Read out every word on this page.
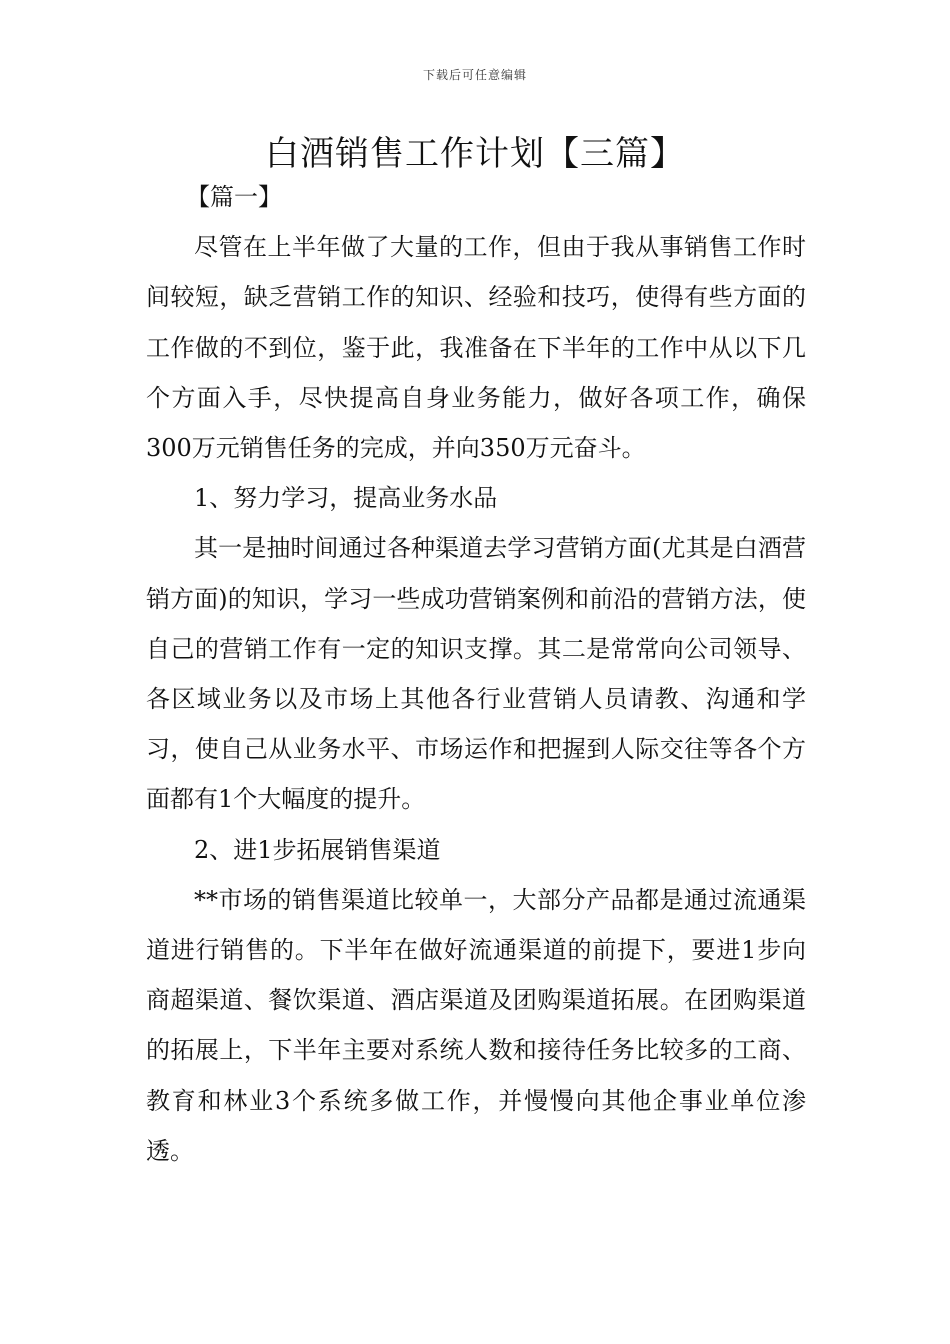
下载后可任意编辑
白酒销售工作计划【三篇】

【篇一】

尽管在上半年做了大量的工作，但由于我从事销售工作时间较短，缺乏营销工作的知识、经验和技巧，使得有些方面的工作做的不到位，鉴于此，我准备在下半年的工作中从以下几个方面入手，尽快提高自身业务能力，做好各项工作，确保300万元销售任务的完成，并向350万元奋斗。

1、努力学习，提高业务水品

其一是抽时间通过各种渠道去学习营销方面(尤其是白酒营销方面)的知识，学习一些成功营销案例和前沿的营销方法，使自己的营销工作有一定的知识支撑。其二是常常向公司领导、各区域业务以及市场上其他各行业营销人员请教、沟通和学习，使自己从业务水平、市场运作和把握到人际交往等各个方面都有1个大幅度的提升。

2、进1步拓展销售渠道

**市场的销售渠道比较单一，大部分产品都是通过流通渠道进行销售的。下半年在做好流通渠道的前提下，要进1步向商超渠道、餐饮渠道、酒店渠道及团购渠道拓展。在团购渠道的拓展上，下半年主要对系统人数和接待任务比较多的工商、教育和林业3个系统多做工作，并慢慢向其他企事业单位渗透。
